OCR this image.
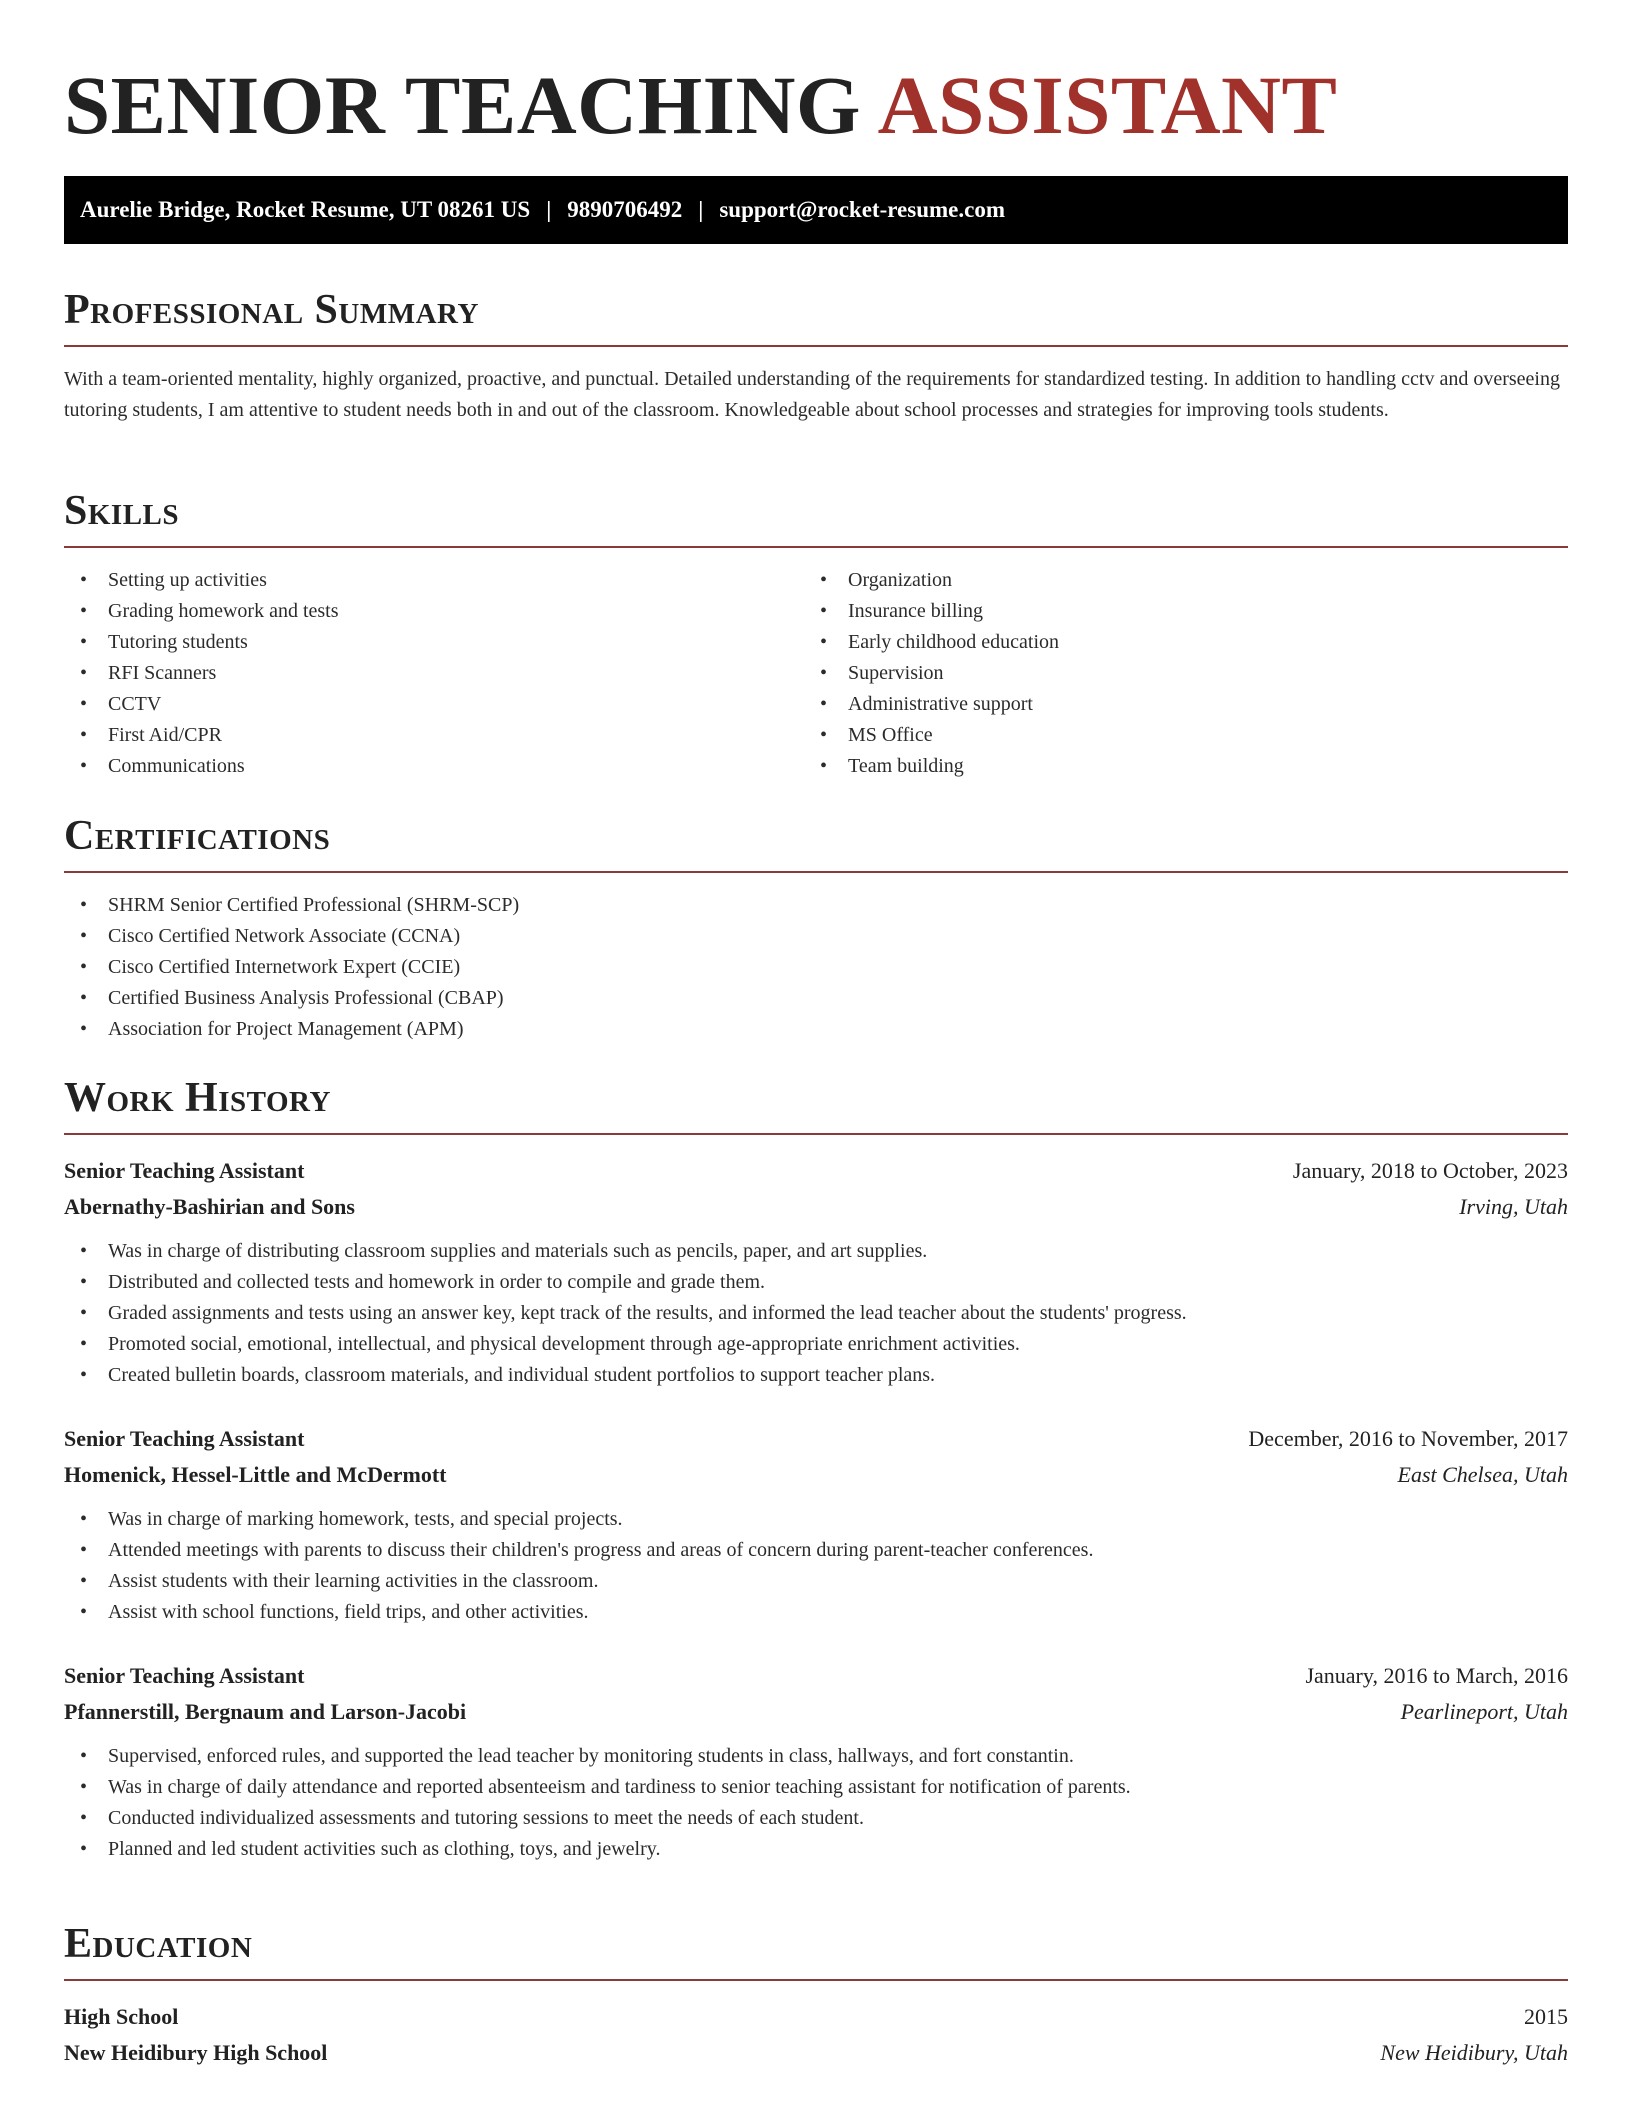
SENIOR TEACHING ASSISTANT
Aurelie Bridge, Rocket Resume, UT 08261 US | 9890706492 | support@rocket-resume.com
Professional Summary

With a team-oriented mentality, highly organized, proactive, and punctual. Detailed understanding of the requirements for standardized testing. In addition to handling cctv and overseeing tutoring students, I am attentive to student needs both in and out of the classroom. Knowledgeable about school processes and strategies for improving tools students.

Skills
• Setting up activities
• Grading homework and tests
• Tutoring students
• RFI Scanners
• CCTV
• First Aid/CPR
• Communications
• Organization
• Insurance billing
• Early childhood education
• Supervision
• Administrative support
• MS Office
• Team building
Certifications
• SHRM Senior Certified Professional (SHRM-SCP)
• Cisco Certified Network Associate (CCNA)
• Cisco Certified Internetwork Expert (CCIE)
• Certified Business Analysis Professional (CBAP)
• Association for Project Management (APM)
Work History
Senior Teaching Assistant	January, 2018 to October, 2023
Abernathy-Bashirian and Sons	Irving, Utah
• Was in charge of distributing classroom supplies and materials such as pencils, paper, and art supplies.
• Distributed and collected tests and homework in order to compile and grade them.
• Graded assignments and tests using an answer key, kept track of the results, and informed the lead teacher about the students' progress.
• Promoted social, emotional, intellectual, and physical development through age-appropriate enrichment activities.
• Created bulletin boards, classroom materials, and individual student portfolios to support teacher plans.
Senior Teaching Assistant	December, 2016 to November, 2017
Homenick, Hessel-Little and McDermott	East Chelsea, Utah
• Was in charge of marking homework, tests, and special projects.
• Attended meetings with parents to discuss their children's progress and areas of concern during parent-teacher conferences.
• Assist students with their learning activities in the classroom.
• Assist with school functions, field trips, and other activities.
Senior Teaching Assistant	January, 2016 to March, 2016
Pfannerstill, Bergnaum and Larson-Jacobi	Pearlineport, Utah
• Supervised, enforced rules, and supported the lead teacher by monitoring students in class, hallways, and fort constantin.
• Was in charge of daily attendance and reported absenteeism and tardiness to senior teaching assistant for notification of parents.
• Conducted individualized assessments and tutoring sessions to meet the needs of each student.
• Planned and led student activities such as clothing, toys, and jewelry.
Education
High School	2015
New Heidibury High School	New Heidibury, Utah
